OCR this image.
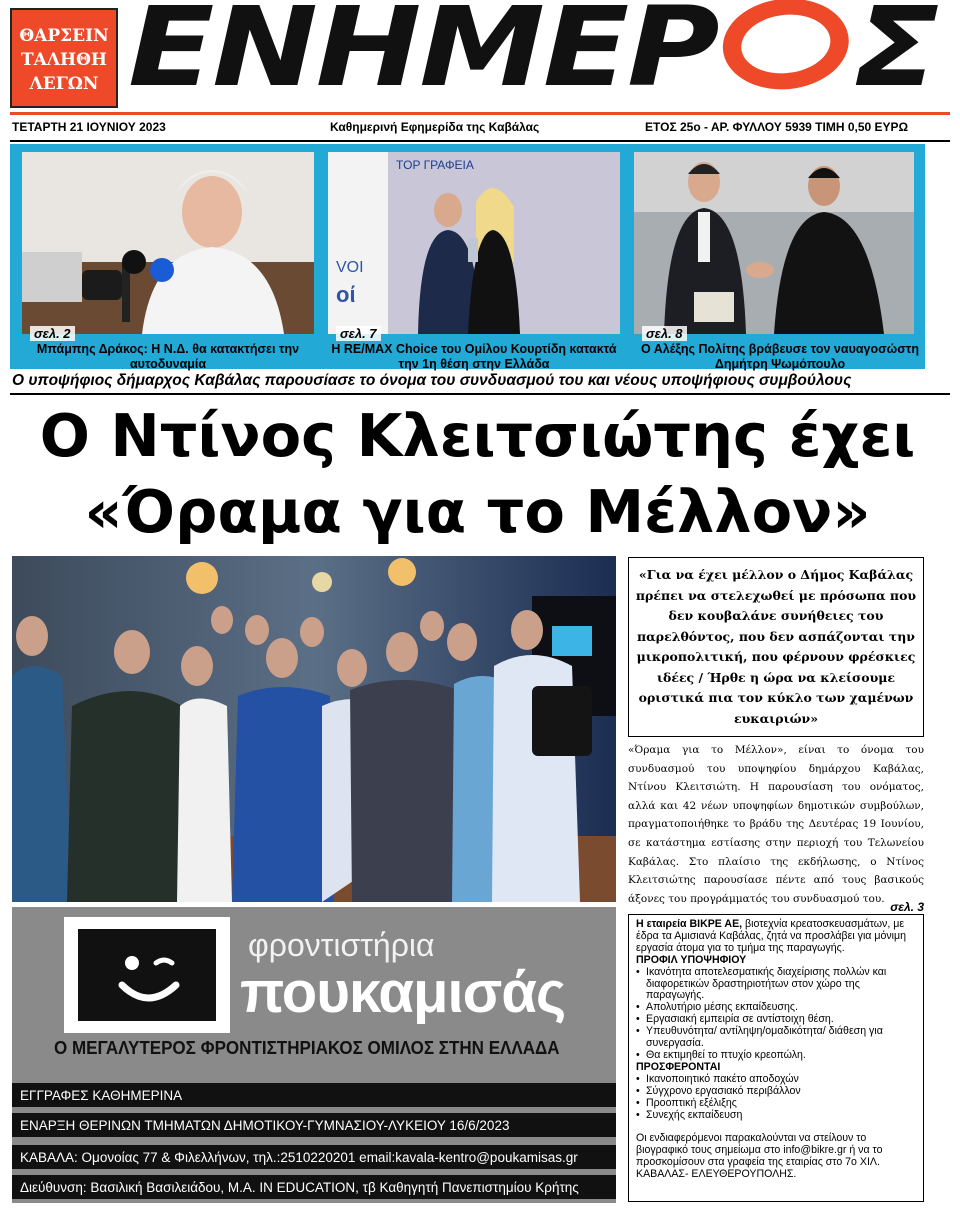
ΘΑΡΣΕΙΝ
ΤΑΛΗΘΗ
ΛΕΓΩΝ ΕΝΗΜΕΡ Σ
ΤΕΤΑΡΤΗ 21 ΙΟΥΝΙΟΥ 2023	Καθημερινή Εφημερίδα της Καβάλας	ΕΤΟΣ 25ο - ΑΡ. ΦΥΛΛΟΥ 5939 ΤΙΜΗ 0,50 ΕΥΡΩ
σελ. 2
Μπάμπης Δράκος: Η Ν.Δ. θα κατακτήσει την αυτοδυναμία
VOI
οί
TOP ΓΡΑΦΕΙΑ
σελ. 7
Η RE/MAX Choice του Ομίλου Κουρτίδη κατακτά την 1η θέση στην Ελλάδα
σελ. 8
Ο Αλέξης Πολίτης βράβευσε τον ναυαγοσώστη Δημήτρη Ψωμόπουλο
Ο υποψήφιος δήμαρχος Καβάλας παρουσίασε το όνομα του συνδυασμού του και νέους υποψήφιους συμβούλους
Ο Ντίνος Κλειτσιώτης έχει
«Όραμα για το Μέλλον»
«Για να έχει μέλλον ο Δήμος Καβάλας πρέπει να στελεχωθεί με πρόσωπα που δεν κουβαλάνε συνήθειες του παρελθόντος, που δεν ασπάζονται την μικροπολιτική, που φέρνουν φρέσκιες ιδέες / Ήρθε η ώρα να κλείσουμε οριστικά πια τον κύκλο των χαμένων ευκαιριών»
«Όραμα για το Μέλλον», είναι το όνομα του συνδυασμού του υποψηφίου δημάρχου Καβάλας, Ντίνου Κλειτσιώτη. Η παρουσίαση του ονόματος, αλλά και 42 νέων υποψηφίων δημοτικών συμβούλων, πραγματοποιήθηκε το βράδυ της Δευτέρας 19 Ιουνίου, σε κατάστημα εστίασης στην περιοχή του Τελωνείου Καβάλας. Στο πλαίσιο της εκδήλωσης, ο Ντίνος Κλειτσιώτης παρουσίασε πέντε από τους βασικούς άξονες του προγράμματός του συνδυασμού του.
σελ. 3
φροντιστήρια
πουκαμισάς
Ο ΜΕΓΑΛΥΤΕΡΟΣ ΦΡΟΝΤΙΣΤΗΡΙΑΚΟΣ ΟΜΙΛΟΣ ΣΤΗΝ ΕΛΛΑΔΑ
ΕΓΓΡΑΦΕΣ ΚΑΘΗΜΕΡΙΝΑ
ΕΝΑΡΞΗ ΘΕΡΙΝΩΝ ΤΜΗΜΑΤΩΝ ΔΗΜΟΤΙΚΟΥ-ΓΥΜΝΑΣΙΟΥ-ΛΥΚΕΙΟΥ 16/6/2023
ΚΑΒΑΛΑ: Ομονοίας 77 & Φιλελλήνων, τηλ.:2510220201 email:kavala-kentro@poukamisas.gr
Διεύθυνση: Βασιλική Βασιλειάδου, Μ.Α. IN EDUCATION, τβ Καθηγητή Πανεπιστημίου Κρήτης

Η εταιρεία ΒΙΚΡΕ ΑΕ, βιοτεχνία κρεατοσκευασμάτων, με έδρα τα Αμισιανά Καβάλας, ζητά να προσλάβει για μόνιμη εργασία άτομα για το τμήμα της παραγωγής.

ΠΡΟΦΙΛ ΥΠΟΨΗΦΙΟΥ

• Ικανότητα αποτελεσματικής διαχείρισης πολλών και διαφορετικών δραστηριοτήτων στον χώρο της παραγωγής.
• Απολυτήριο μέσης εκπαίδευσης.
• Εργασιακή εμπειρία σε αντίστοιχη θέση.
• Υπευθυνότητα/ αντίληψη/ομαδικότητα/ διάθεση για συνεργασία.
• Θα εκτιμηθεί το πτυχίο κρεοπώλη.

ΠΡΟΣΦΕΡΟΝΤΑΙ

• Ικανοποιητικό πακέτο αποδοχών
• Σύγχρονο εργασιακό περιβάλλον
• Προοπτική εξέλιξης
• Συνεχής εκπαίδευση

Οι ενδιαφερόμενοι παρακαλούνται να στείλουν το βιογραφικό τους σημείωμα στο info@bikre.gr ή να το προσκομίσουν στα γραφεία της εταιρίας στο 7ο ΧΙΛ. ΚΑΒΑΛΑΣ- ΕΛΕΥΘΕΡΟΥΠΟΛΗΣ.
